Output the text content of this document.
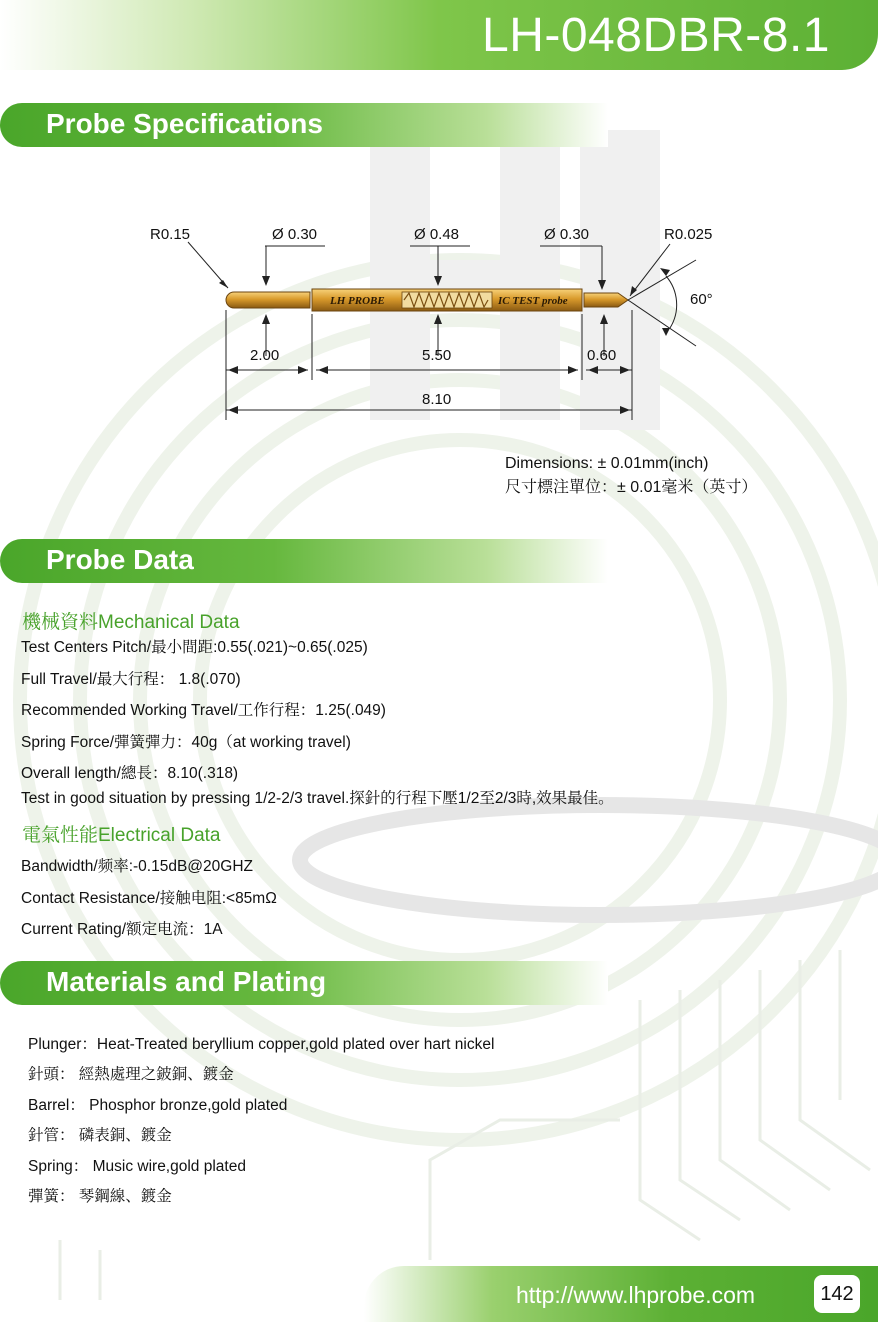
LH-048DBR-8.1
Probe Specifications
LH PROBE	IC TEST probe
R0.15	Ø 0.30	Ø 0.48	Ø 0.30	R0.025
60°
2.00	5.50	0.60
8.10
Dimensions: ± 0.01mm(inch)
尺寸標注單位：± 0.01毫米（英寸）
Probe Data
機械資料Mechanical Data
Test Centers Pitch/最小間距:0.55(.021)~0.65(.025)
Full Travel/最大行程： 1.8(.070)
Recommended Working Travel/工作行程：1.25(.049)
Spring Force/彈簧彈力：40g（at working travel)
Overall length/總長：8.10(.318)
Test in good situation by pressing 1/2-2/3 travel.探針的行程下壓1/2至2/3時,效果最佳。
電氣性能Electrical Data
Bandwidth/频率:-0.15dB@20GHZ
Contact Resistance/接触电阻:<85mΩ
Current Rating/额定电流：1A
Materials and Plating
Plunger：Heat-Treated beryllium copper,gold plated over hart nickel
針頭： 經熱處理之鈹銅、鍍金
Barrel： Phosphor bronze,gold plated
針管： 磷表銅、鍍金
Spring： Music wire,gold plated
彈簧： 琴鋼線、鍍金
http://www.lhprobe.com	142
